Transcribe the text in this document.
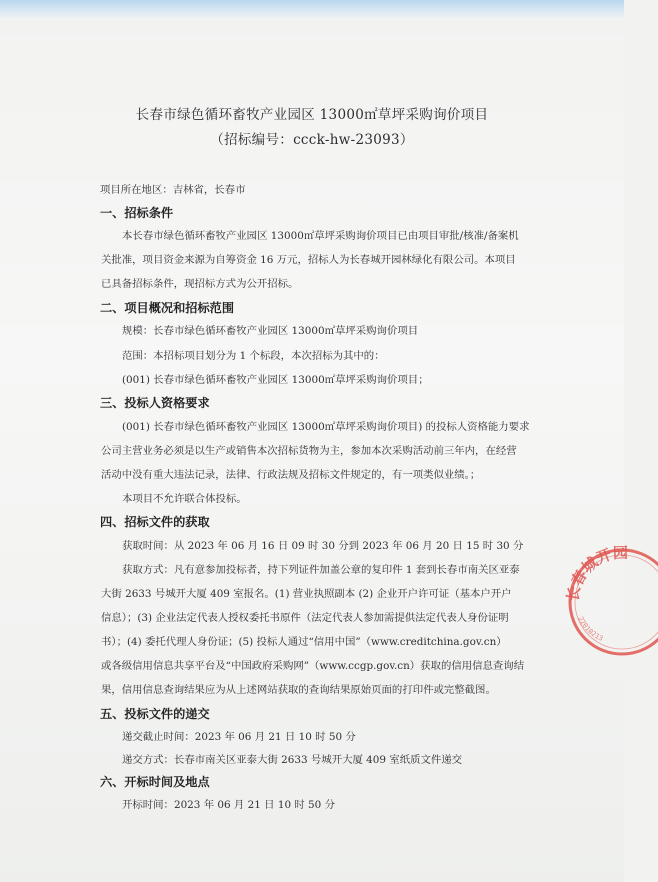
长春市绿色循环畜牧产业园区 13000㎡草坪采购询价项目
（招标编号：ccck-hw-23093）
项目所在地区：吉林省，长春市
一、招标条件
本长春市绿色循环畜牧产业园区 13000㎡草坪采购询价项目已由项目审批/核准/备案机
关批准，项目资金来源为自筹资金 16 万元，招标人为长春城开园林绿化有限公司。本项目
已具备招标条件，现招标方式为公开招标。
二、项目概况和招标范围
规模：长春市绿色循环畜牧产业园区 13000㎡草坪采购询价项目
范围：本招标项目划分为 1 个标段，本次招标为其中的：
(001) 长春市绿色循环畜牧产业园区 13000㎡草坪采购询价项目；
三、投标人资格要求
(001) 长春市绿色循环畜牧产业园区 13000㎡草坪采购询价项目) 的投标人资格能力要求
公司主营业务必须是以生产或销售本次招标货物为主，参加本次采购活动前三年内，在经营
活动中没有重大违法记录，法律、行政法规及招标文件规定的，有一项类似业绩。；
本项目不允许联合体投标。
四、招标文件的获取
获取时间：从 2023 年 06 月 16 日 09 时 30 分到 2023 年 06 月 20 日 15 时 30 分
获取方式：凡有意参加投标者，持下列证件加盖公章的复印件 1 套到长春市南关区亚泰
大街 2633 号城开大厦 409 室报名。(1) 营业执照副本 (2) 企业开户许可证（基本户开户
信息）；(3) 企业法定代表人授权委托书原件（法定代表人参加需提供法定代表人身份证明
书）；(4) 委托代理人身份证；(5) 投标人通过“信用中国”（www.creditchina.gov.cn）
或各级信用信息共享平台及“中国政府采购网”（www.ccgp.gov.cn）获取的信用信息查询结
果，信用信息查询结果应为从上述网站获取的查询结果原始页面的打印件或完整截图。
五、投标文件的递交
递交截止时间：2023 年 06 月 21 日 10 时 50 分
递交方式：长春市南关区亚泰大街 2633 号城开大厦 409 室纸质文件递交
六、开标时间及地点
开标时间：2023 年 06 月 21 日 10 时 50 分
长春城开园
22010213
